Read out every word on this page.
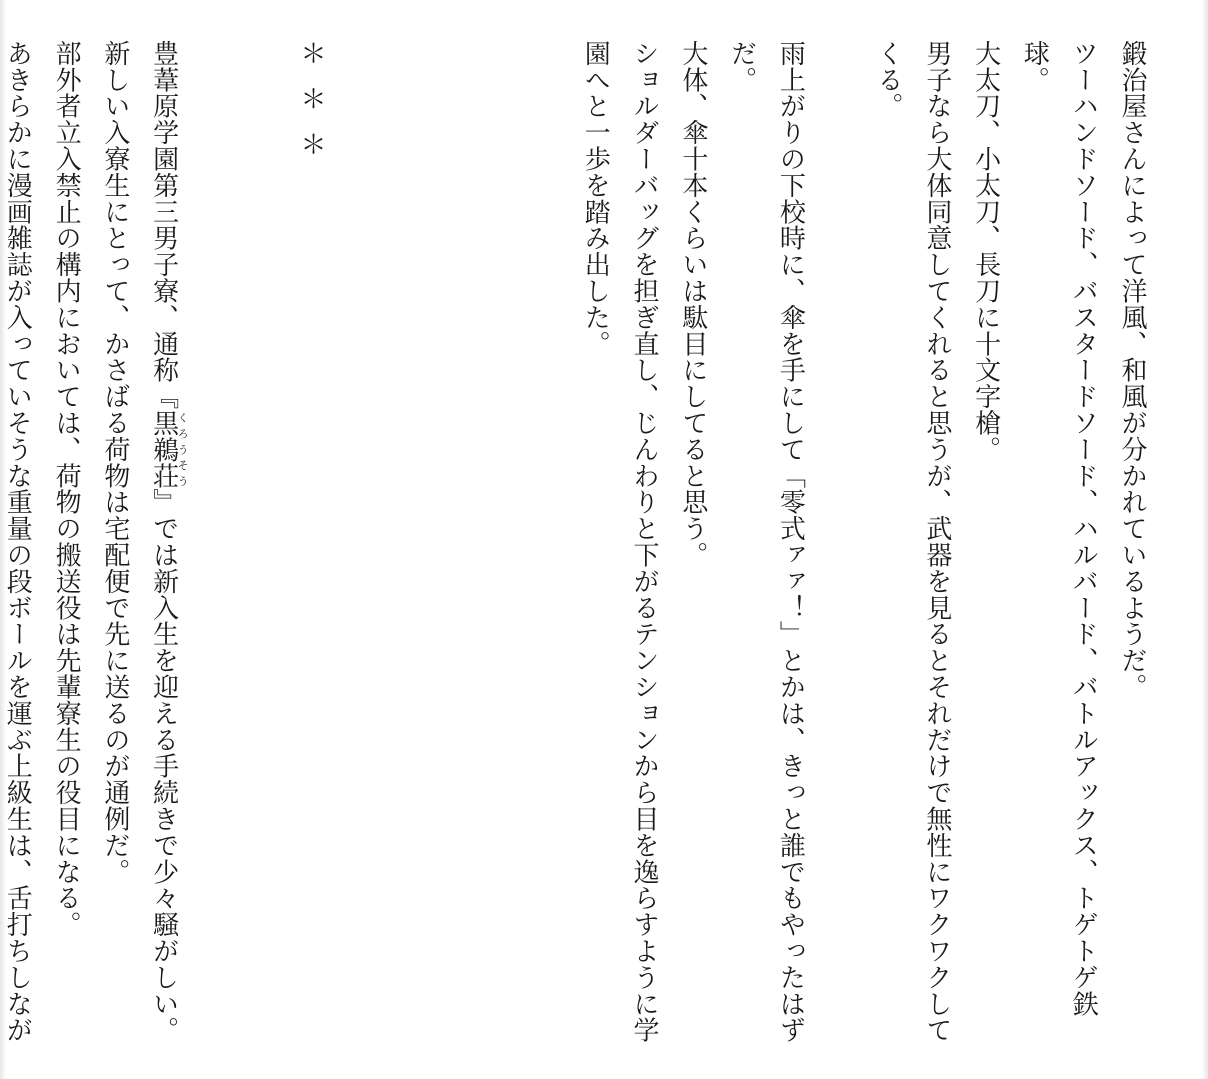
鍛治屋さんによって洋風、和風が分かれているようだ。

ツーハンドソード、バスタードソード、ハルバード、バトルアックス、トゲトゲ鉄球。

大太刀、小太刀、長刀に十文字槍。

男子なら大体同意してくれると思うが、武器を見るとそれだけで無性にワクワクしてくる。

雨上がりの下校時に、傘を手にして「零式ァァ！」とかは、きっと誰でもやったはずだ。

大体、傘十本くらいは駄目にしてると思う。

ショルダーバッグを担ぎ直し、じんわりと下がるテンションから目を逸らすように学園へと一歩を踏み出した。

＊＊＊

豊葦原学園第三男子寮、通称『黒鵜荘くろうそう』では新入生を迎える手続きで少々騒がしい。

新しい入寮生にとって、かさばる荷物は宅配便で先に送るのが通例だ。

部外者立入禁止の構内においては、荷物の搬送役は先輩寮生の役目になる。

あきらかに漫画雑誌が入っていそうな重量の段ボールを運ぶ上級生は、舌打ちしなが
